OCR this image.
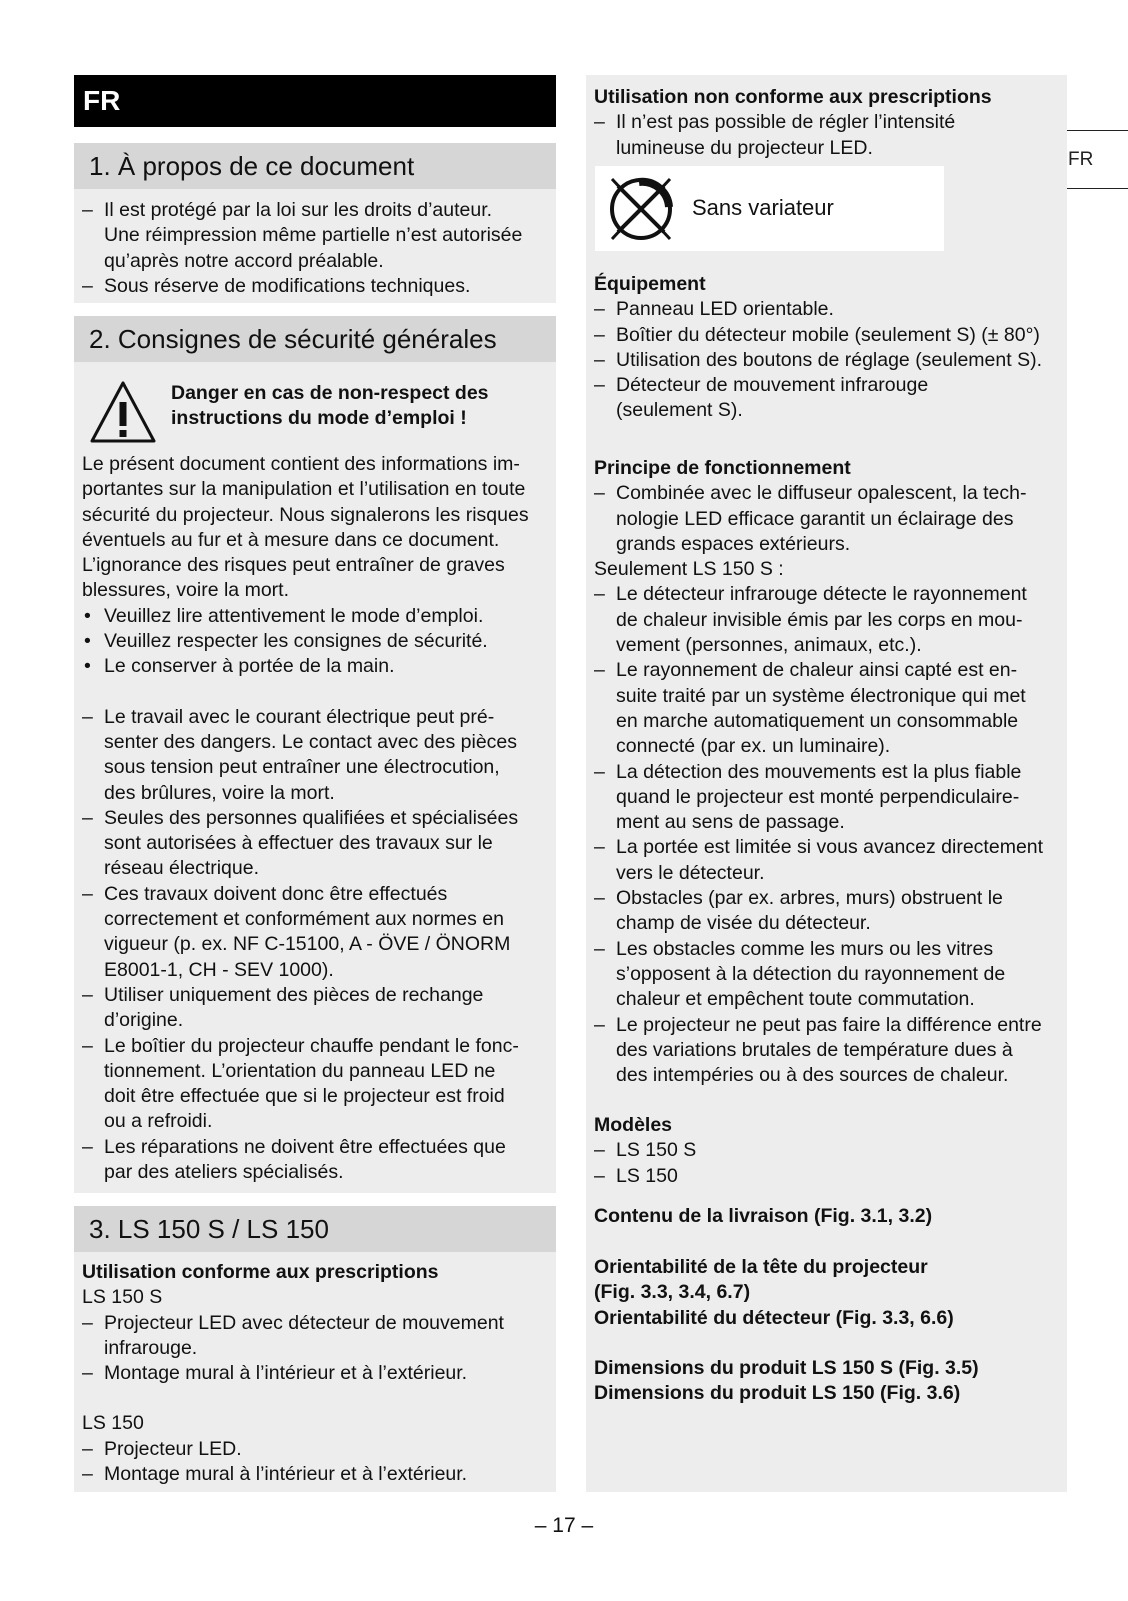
FR
FR
1. À propos de ce document
– Il est protégé par la loi sur les droits d’auteur.
Une réimpression même partielle n’est autorisée
qu’après notre accord préalable.
– Sous réserve de modifications techniques.
2. Consignes de sécurité générales
Danger en cas de non-respect des
instructions du mode d’emploi !
Le présent document contient des informations im-
portantes sur la manipulation et l’utilisation en toute
sécurité du projecteur. Nous signalerons les risques
éventuels au fur et à mesure dans ce document.
L’ignorance des risques peut entraîner de graves
blessures, voire la mort.
• Veuillez lire attentivement le mode d’emploi.
• Veuillez respecter les consignes de sécurité.
• Le conserver à portée de la main.
– Le travail avec le courant électrique peut pré-
senter des dangers. Le contact avec des pièces
sous tension peut entraîner une électrocution,
des brûlures, voire la mort.
– Seules des personnes qualifiées et spécialisées
sont autorisées à effectuer des travaux sur le
réseau électrique.
– Ces travaux doivent donc être effectués
correctement et conformément aux normes en
vigueur (p. ex. NF C-15100, A - ÖVE / ÖNORM
E8001-1, CH - SEV 1000).
– Utiliser uniquement des pièces de rechange
d’origine.
– Le boîtier du projecteur chauffe pendant le fonc-
tionnement. L’orientation du panneau LED ne
doit être effectuée que si le projecteur est froid
ou a refroidi.
– Les réparations ne doivent être effectuées que
par des ateliers spécialisés.
3. LS 150 S / LS 150
Utilisation conforme aux prescriptions
LS 150 S
– Projecteur LED avec détecteur de mouvement
infrarouge.
– Montage mural à l’intérieur et à l’extérieur.
LS 150
– Projecteur LED.
– Montage mural à l’intérieur et à l’extérieur.
Utilisation non conforme aux prescriptions
– Il n’est pas possible de régler l’intensité
lumineuse du projecteur LED.
Sans variateur
Équipement
– Panneau LED orientable.
– Boîtier du détecteur mobile (seulement S) (± 80°)
– Utilisation des boutons de réglage (seulement S).
– Détecteur de mouvement infrarouge
(seulement S).
Principe de fonctionnement
– Combinée avec le diffuseur opalescent, la tech-
nologie LED efficace garantit un éclairage des
grands espaces extérieurs.
Seulement LS 150 S :
– Le détecteur infrarouge détecte le rayonnement
de chaleur invisible émis par les corps en mou-
vement (personnes, animaux, etc.).
– Le rayonnement de chaleur ainsi capté est en-
suite traité par un système électronique qui met
en marche automatiquement un consommable
connecté (par ex. un luminaire).
– La détection des mouvements est la plus fiable
quand le projecteur est monté perpendiculaire-
ment au sens de passage.
– La portée est limitée si vous avancez directement
vers le détecteur.
– Obstacles (par ex. arbres, murs) obstruent le
champ de visée du détecteur.
– Les obstacles comme les murs ou les vitres
s’opposent à la détection du rayonnement de
chaleur et empêchent toute commutation.
– Le projecteur ne peut pas faire la différence entre
des variations brutales de température dues à
des intempéries ou à des sources de chaleur.
Modèles
– LS 150 S
– LS 150
Contenu de la livraison (Fig. 3.1, 3.2)
Orientabilité de la tête du projecteur
(Fig. 3.3, 3.4, 6.7)
Orientabilité du détecteur (Fig. 3.3, 6.6)
Dimensions du produit LS 150 S (Fig. 3.5)
Dimensions du produit LS 150 (Fig. 3.6)
– 17 –
